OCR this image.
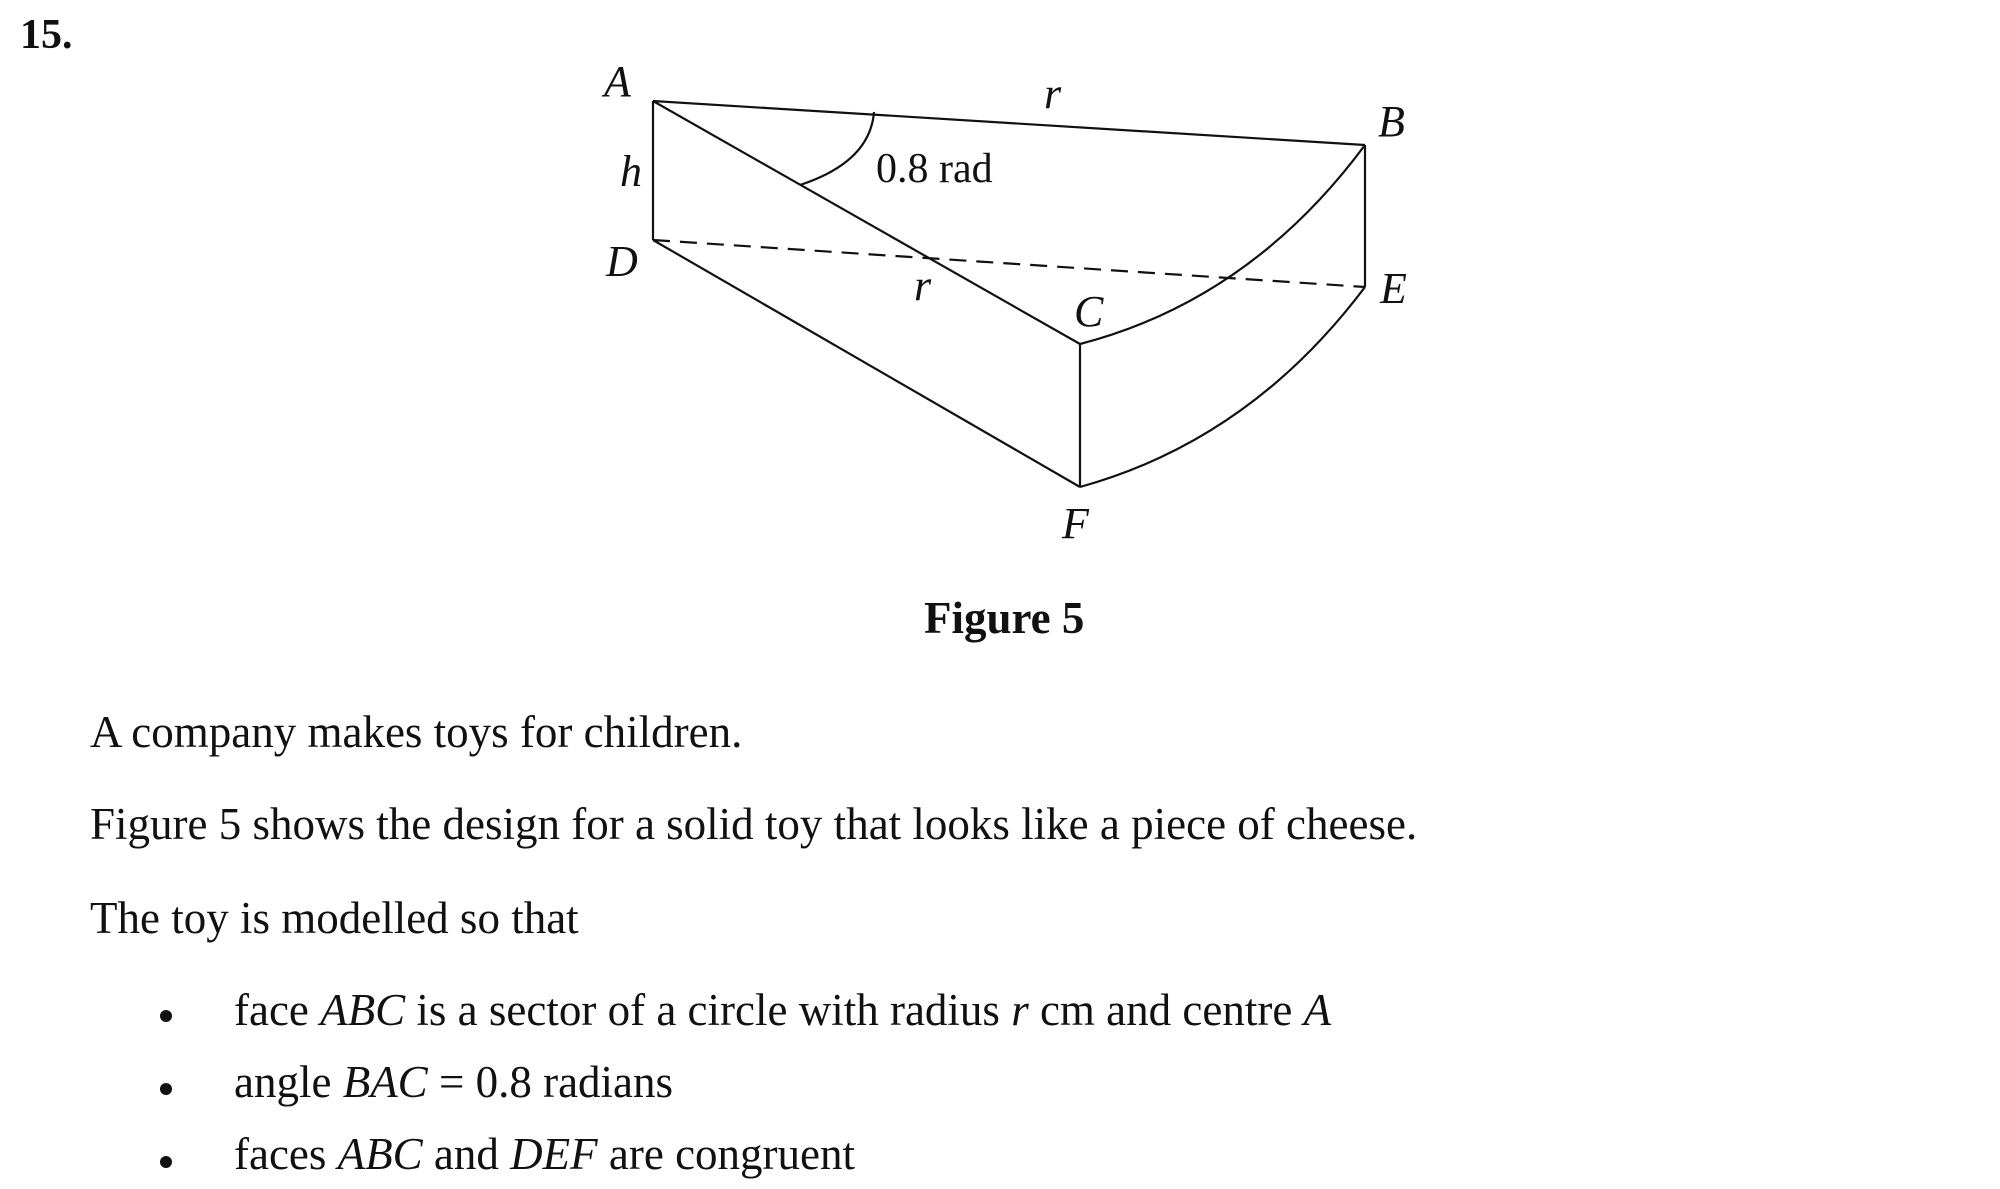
15.
A
B
C
D
E
F
r
r
h	0.8 rad
Figure 5
A company makes toys for children.
Figure 5 shows the design for a solid toy that looks like a piece of cheese.
The toy is modelled so that
face ABC is a sector of a circle with radius r cm and centre A
angle BAC = 0.8 radians
faces ABC and DEF are congruent
